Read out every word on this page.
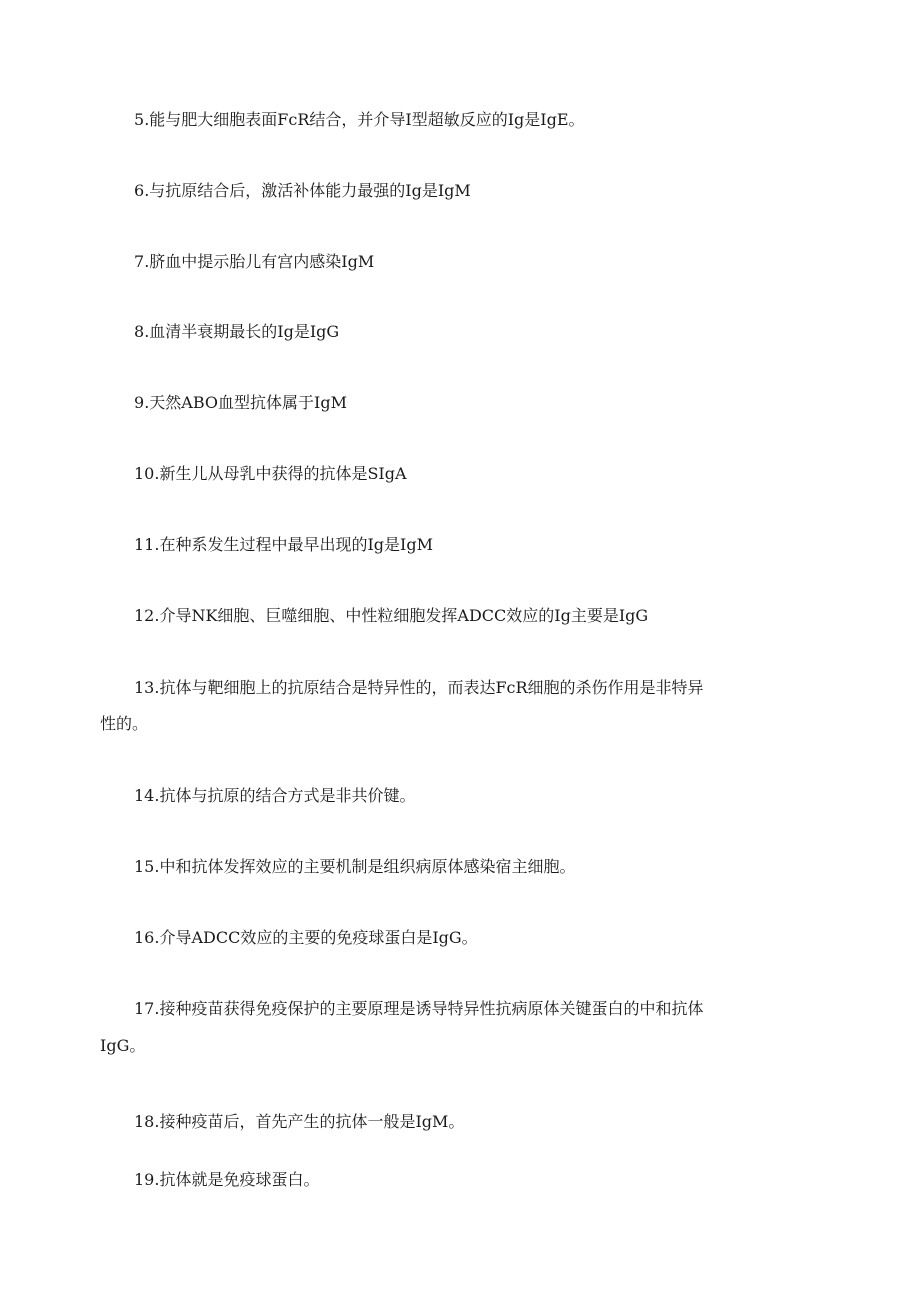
5.能与肥大细胞表面FcR结合，并介导I型超敏反应的Ig是IgE。
6.与抗原结合后，激活补体能力最强的Ig是IgM
7.脐血中提示胎儿有宫内感染IgM
8.血清半衰期最长的Ig是IgG
9.天然ABO血型抗体属于IgM
10.新生儿从母乳中获得的抗体是SIgA
11.在种系发生过程中最早出现的Ig是IgM
12.介导NK细胞、巨噬细胞、中性粒细胞发挥ADCC效应的Ig主要是IgG
13.抗体与靶细胞上的抗原结合是特异性的，而表达FcR细胞的杀伤作用是非特异
性的。
14.抗体与抗原的结合方式是非共价键。
15.中和抗体发挥效应的主要机制是组织病原体感染宿主细胞。
16.介导ADCC效应的主要的免疫球蛋白是IgG。
17.接种疫苗获得免疫保护的主要原理是诱导特异性抗病原体关键蛋白的中和抗体
IgG。
18.接种疫苗后，首先产生的抗体一般是IgM。
19.抗体就是免疫球蛋白。
